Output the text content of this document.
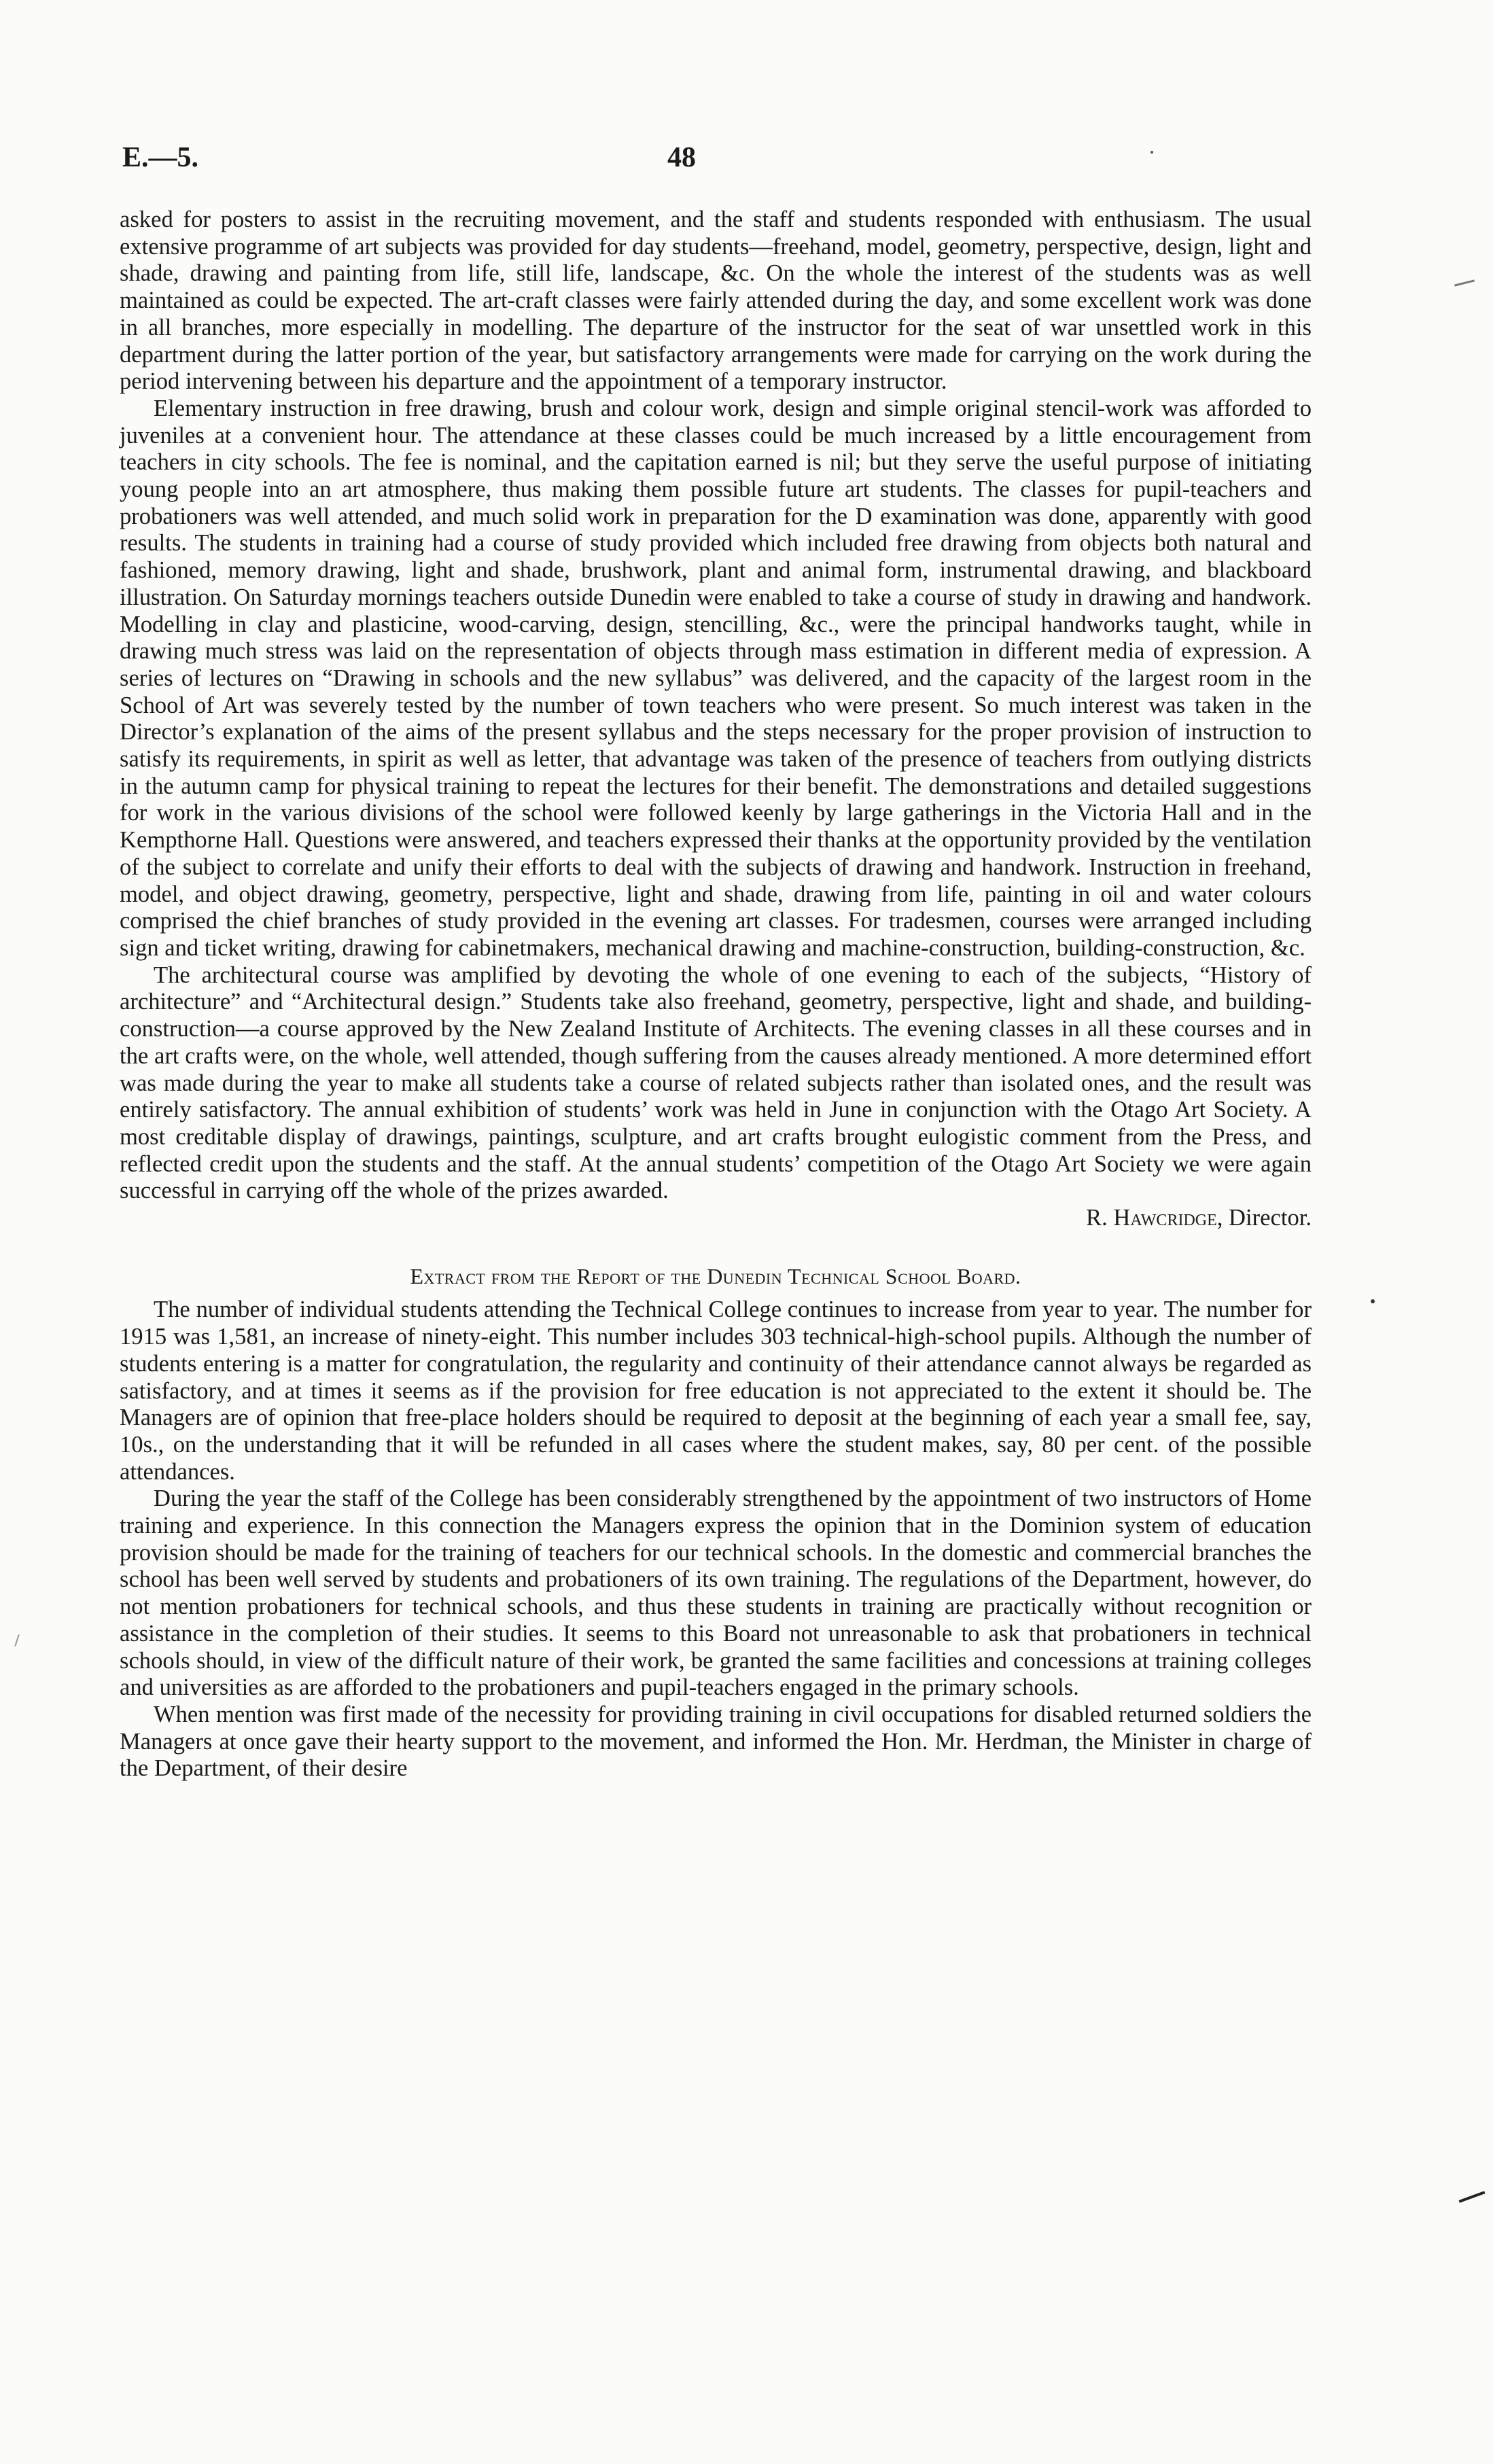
E.—5.	48

asked for posters to assist in the recruiting movement, and the staff and students responded with enthusiasm. The usual extensive programme of art subjects was provided for day students—freehand, model, geometry, perspective, design, light and shade, drawing and painting from life, still life, landscape, &c. On the whole the interest of the students was as well maintained as could be expected. The art-craft classes were fairly attended during the day, and some excellent work was done in all branches, more especially in modelling. The departure of the instructor for the seat of war unsettled work in this department during the latter portion of the year, but satisfactory arrangements were made for carrying on the work during the period intervening between his departure and the appointment of a temporary instructor.

Elementary instruction in free drawing, brush and colour work, design and simple original stencil-work was afforded to juveniles at a convenient hour. The attendance at these classes could be much increased by a little encouragement from teachers in city schools. The fee is nominal, and the capitation earned is nil; but they serve the useful purpose of initiating young people into an art atmosphere, thus making them possible future art students. The classes for pupil-teachers and probationers was well attended, and much solid work in preparation for the D examination was done, apparently with good results. The students in training had a course of study provided which included free drawing from objects both natural and fashioned, memory drawing, light and shade, brushwork, plant and animal form, instrumental drawing, and blackboard illustration. On Saturday mornings teachers outside Dunedin were enabled to take a course of study in drawing and handwork. Modelling in clay and plasticine, wood-carving, design, stencilling, &c., were the principal handworks taught, while in drawing much stress was laid on the representation of objects through mass estimation in different media of expression. A series of lectures on “Drawing in schools and the new syllabus” was delivered, and the capacity of the largest room in the School of Art was severely tested by the number of town teachers who were present. So much interest was taken in the Director’s explanation of the aims of the present syllabus and the steps necessary for the proper provision of instruction to satisfy its requirements, in spirit as well as letter, that advantage was taken of the presence of teachers from outlying districts in the autumn camp for physical training to repeat the lectures for their benefit. The demonstrations and detailed suggestions for work in the various divisions of the school were followed keenly by large gatherings in the Victoria Hall and in the Kempthorne Hall. Questions were answered, and teachers expressed their thanks at the opportunity provided by the ventilation of the subject to correlate and unify their efforts to deal with the subjects of drawing and handwork. Instruction in freehand, model, and object drawing, geometry, perspective, light and shade, drawing from life, painting in oil and water colours comprised the chief branches of study provided in the evening art classes. For tradesmen, courses were arranged including sign and ticket writing, drawing for cabinetmakers, mechanical drawing and machine-construction, building-construction, &c.

The architectural course was amplified by devoting the whole of one evening to each of the subjects, “History of architecture” and “Architectural design.” Students take also freehand, geometry, perspective, light and shade, and building-construction—a course approved by the New Zealand Institute of Architects. The evening classes in all these courses and in the art crafts were, on the whole, well attended, though suffering from the causes already mentioned. A more determined effort was made during the year to make all students take a course of related subjects rather than isolated ones, and the result was entirely satisfactory. The annual exhibition of students’ work was held in June in conjunction with the Otago Art Society. A most creditable display of drawings, paintings, sculpture, and art crafts brought eulogistic comment from the Press, and reflected credit upon the students and the staff. At the annual students’ competition of the Otago Art Society we were again successful in carrying off the whole of the prizes awarded.

R. Hawcridge, Director.
Extract from the Report of the Dunedin Technical School Board.

The number of individual students attending the Technical College continues to increase from year to year. The number for 1915 was 1,581, an increase of ninety-eight. This number includes 303 technical-high-school pupils. Although the number of students entering is a matter for congratulation, the regularity and continuity of their attendance cannot always be regarded as satisfactory, and at times it seems as if the provision for free education is not appreciated to the extent it should be. The Managers are of opinion that free-place holders should be required to deposit at the beginning of each year a small fee, say, 10s., on the understanding that it will be refunded in all cases where the student makes, say, 80 per cent. of the possible attendances.

During the year the staff of the College has been considerably strengthened by the appointment of two instructors of Home training and experience. In this connection the Managers express the opinion that in the Dominion system of education provision should be made for the training of teachers for our technical schools. In the domestic and commercial branches the school has been well served by students and probationers of its own training. The regulations of the Department, however, do not mention probationers for technical schools, and thus these students in training are practically without recognition or assistance in the completion of their studies. It seems to this Board not unreasonable to ask that probationers in technical schools should, in view of the difficult nature of their work, be granted the same facilities and concessions at training colleges and universities as are afforded to the probationers and pupil-teachers engaged in the primary schools.

When mention was first made of the necessity for providing training in civil occupations for disabled returned soldiers the Managers at once gave their hearty support to the movement, and informed the Hon. Mr. Herdman, the Minister in charge of the Department, of their desire
